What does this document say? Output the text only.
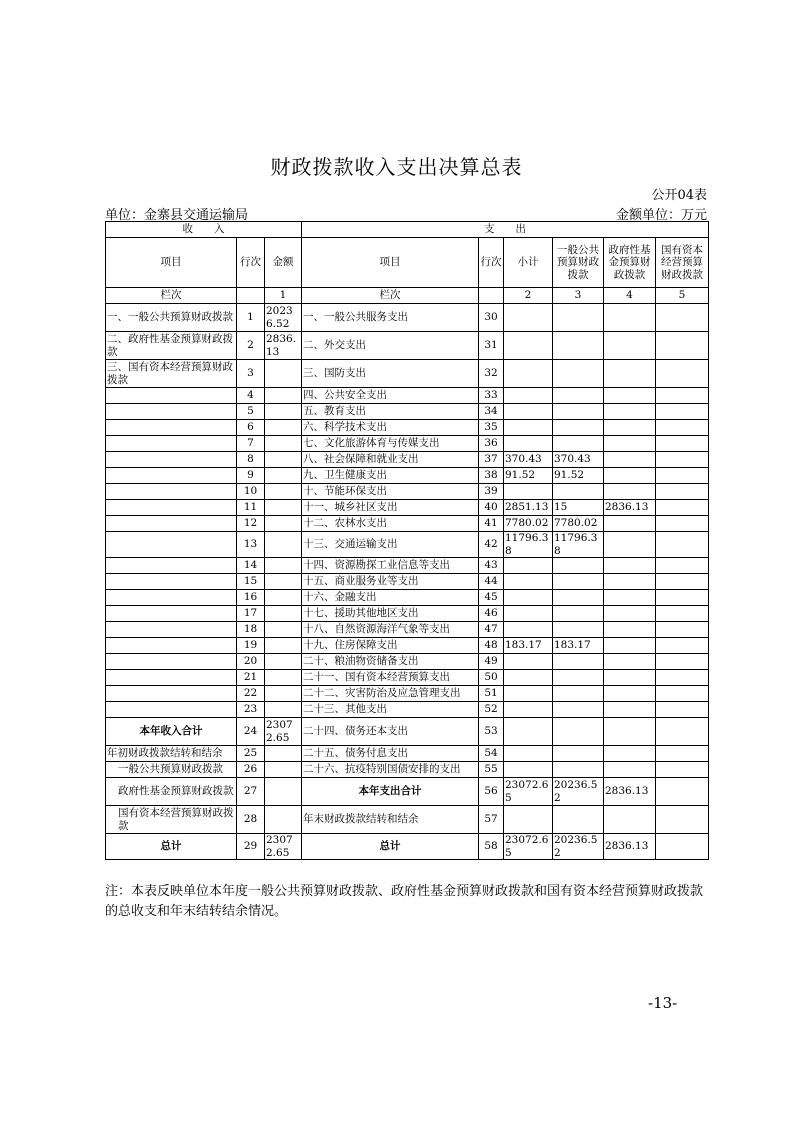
财政拨款收入支出决算总表
公开04表
单位：金寨县交通运输局	金额单位：万元
收　　入			支　　出					
项目	行次	金额	项目	行次	小计	一般公共预算财政拨款	政府性基金预算财政拨款	国有资本经营预算财政拨款
栏次		1	栏次		2	3	4	5
一、一般公共预算财政拨款	1	20236.52	一、一般公共服务支出	30				
二、政府性基金预算财政拨款	2	2836.13	二、外交支出	31				
三、国有资本经营预算财政拨款	3		三、国防支出	32				
	4		四、公共安全支出	33				
	5		五、教育支出	34				
	6		六、科学技术支出	35				
	7		七、文化旅游体育与传媒支出	36				
	8		八、社会保障和就业支出	37	370.43	370.43		
	9		九、卫生健康支出	38	91.52	91.52		
	10		十、节能环保支出	39				
	11		十一、城乡社区支出	40	2851.13	15	2836.13	
	12		十二、农林水支出	41	7780.02	7780.02		
	13		十三、交通运输支出	42	11796.38	11796.38		
	14		十四、资源勘探工业信息等支出	43				
	15		十五、商业服务业等支出	44				
	16		十六、金融支出	45				
	17		十七、援助其他地区支出	46				
	18		十八、自然资源海洋气象等支出	47				
	19		十九、住房保障支出	48	183.17	183.17		
	20		二十、粮油物资储备支出	49				
	21		二十一、国有资本经营预算支出	50				
	22		二十二、灾害防治及应急管理支出	51				
	23		二十三、其他支出	52				
本年收入合计	24	23072.65	二十四、债务还本支出	53				
年初财政拨款结转和结余	25		二十五、债务付息支出	54				
一般公共预算财政拨款	26		二十六、抗疫特别国债安排的支出	55				
政府性基金预算财政拨款	27		本年支出合计	56	23072.65	20236.52	2836.13	
国有资本经营预算财政拨款	28		年末财政拨款结转和结余	57				
总计	29	23072.65	总计	58	23072.65	20236.52	2836.13	
注：本表反映单位本年度一般公共预算财政拨款、政府性基金预算财政拨款和国有资本经营预算财政拨款的总收支和年末结转结余情况。
-13-
